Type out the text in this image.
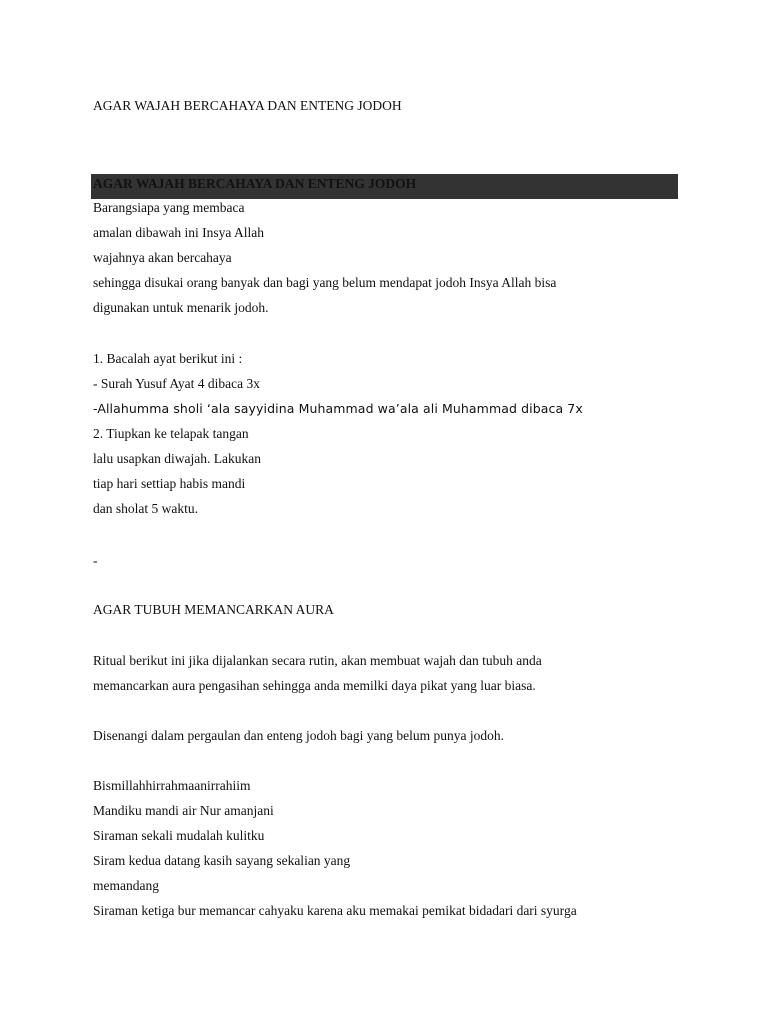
AGAR WAJAH BERCAHAYA DAN ENTENG JODOH
AGAR WAJAH BERCAHAYA DAN ENTENG JODOH
Barangsiapa yang membaca
amalan dibawah ini Insya Allah
wajahnya akan bercahaya
sehingga disukai orang banyak dan bagi yang belum mendapat jodoh Insya Allah bisa
digunakan untuk menarik jodoh.
1. Bacalah ayat berikut ini :
- Surah Yusuf Ayat 4 dibaca 3x
-Allahumma sholi ‘ala sayyidina Muhammad wa’ala ali Muhammad dibaca 7x
2. Tiupkan ke telapak tangan
lalu usapkan diwajah. Lakukan
tiap hari settiap habis mandi
dan sholat 5 waktu.
-
AGAR TUBUH MEMANCARKAN AURA
Ritual berikut ini jika dijalankan secara rutin, akan membuat wajah dan tubuh anda
memancarkan aura pengasihan sehingga anda memilki daya pikat yang luar biasa.
Disenangi dalam pergaulan dan enteng jodoh bagi yang belum punya jodoh.
Bismillahhirrahmaanirrahiim
Mandiku mandi air Nur amanjani
Siraman sekali mudalah kulitku
Siram kedua datang kasih sayang sekalian yang
memandang
Siraman ketiga bur memancar cahyaku karena aku memakai pemikat bidadari dari syurga
